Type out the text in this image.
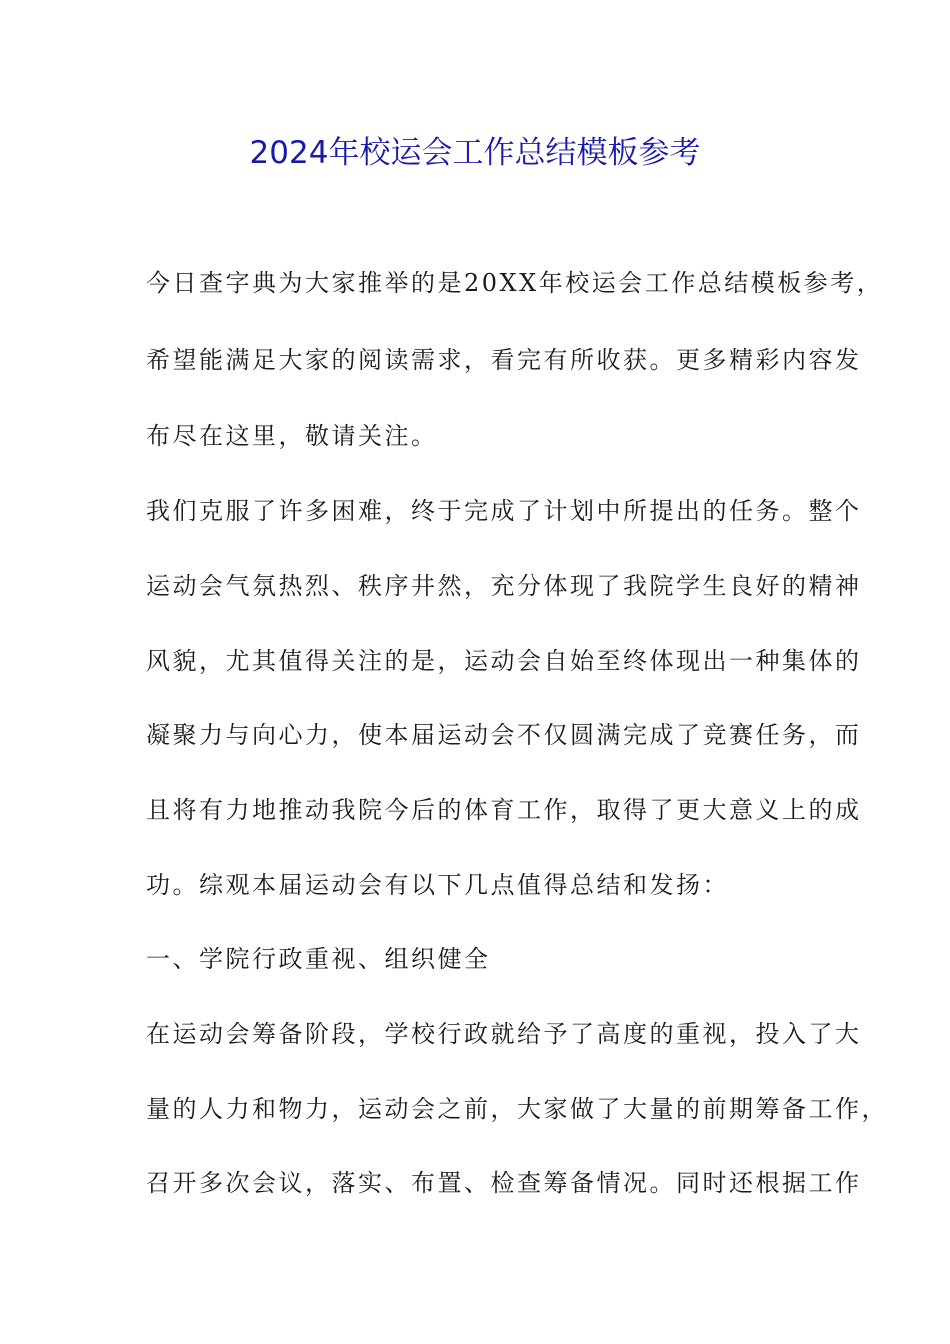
2024年校运会工作总结模板参考
今日查字典为大家推举的是20XX年校运会工作总结模板参考，
希望能满足大家的阅读需求，看完有所收获。更多精彩内容发
布尽在这里，敬请关注。
我们克服了许多困难，终于完成了计划中所提出的任务。整个
运动会气氛热烈、秩序井然，充分体现了我院学生良好的精神
风貌，尤其值得关注的是，运动会自始至终体现出一种集体的
凝聚力与向心力，使本届运动会不仅圆满完成了竞赛任务，而
且将有力地推动我院今后的体育工作，取得了更大意义上的成
功。综观本届运动会有以下几点值得总结和发扬：
一、学院行政重视、组织健全
在运动会筹备阶段，学校行政就给予了高度的重视，投入了大
量的人力和物力，运动会之前，大家做了大量的前期筹备工作，
召开多次会议，落实、布置、检查筹备情况。同时还根据工作
